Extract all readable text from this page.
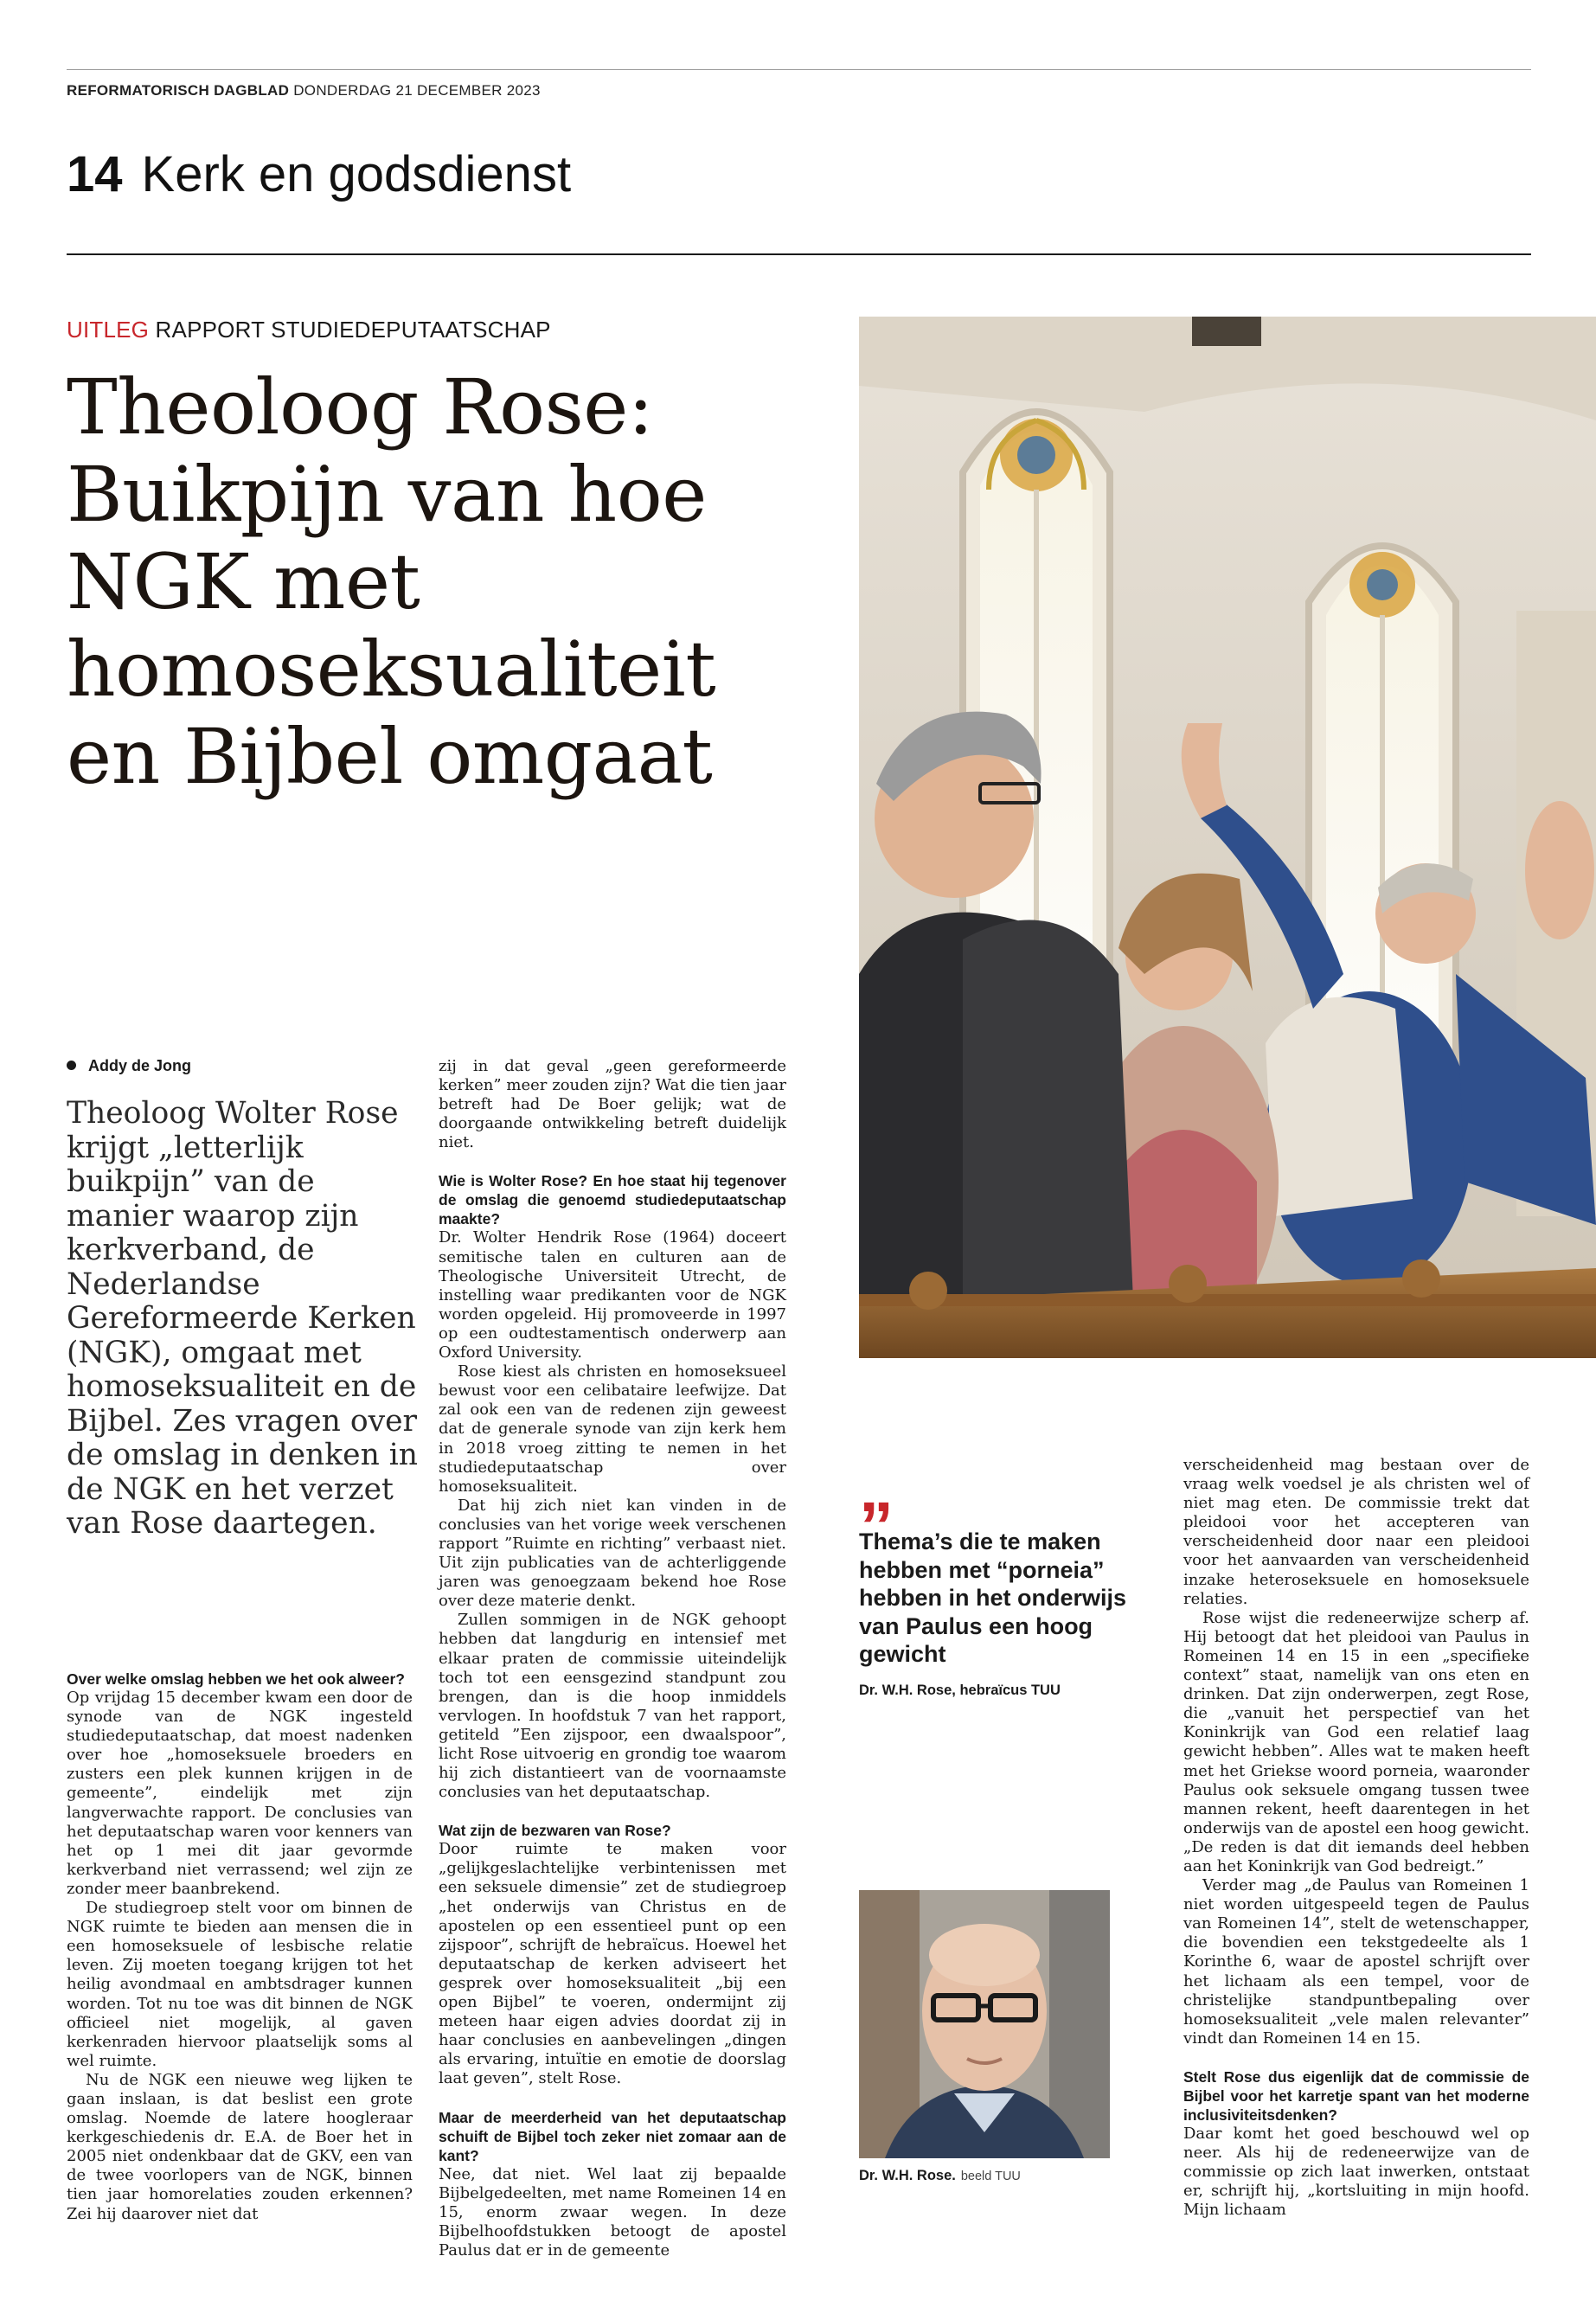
REFORMATORISCH DAGBLAD DONDERDAG 21 DECEMBER 2023
14 Kerk en godsdienst
UITLEG RAPPORT STUDIEDEPUTAATSCHAP
Theoloog Rose: Buikpijn van hoe NGK met homoseksualiteit en Bijbel omgaat
Addy de Jong

Theoloog Wolter Rose krijgt „letterlijk buikpijn” van de manier waarop zijn kerkverband, de Nederlandse Gereformeerde Kerken (NGK), omgaat met homoseksualiteit en de Bijbel. Zes vragen over de omslag in denken in de NGK en het verzet van Rose daartegen.

Over welke omslag hebben we het ook alweer?

Op vrijdag 15 december kwam een door de synode van de NGK ingesteld studiedeputaatschap, dat moest nadenken over hoe „homoseksuele broeders en zusters een plek kunnen krijgen in de gemeente”, eindelijk met zijn langverwachte rapport. De conclusies van het deputaatschap waren voor kenners van het op 1 mei dit jaar gevormde kerkverband niet verrassend; wel zijn ze zonder meer baanbrekend.

De studiegroep stelt voor om binnen de NGK ruimte te bieden aan mensen die in een homoseksuele of lesbische relatie leven. Zij moeten toegang krijgen tot het heilig avondmaal en ambtsdrager kunnen worden. Tot nu toe was dit binnen de NGK officieel niet mogelijk, al gaven kerkenraden hiervoor plaatselijk soms al wel ruimte.

Nu de NGK een nieuwe weg lijken te gaan inslaan, is dat beslist een grote omslag. Noemde de latere hoogleraar kerkgeschiedenis dr. E.A. de Boer het in 2005 niet ondenkbaar dat de GKV, een van de twee voorlopers van de NGK, binnen tien jaar homorelaties zouden erkennen? Zei hij daarover niet dat

zij in dat geval „geen gereformeerde kerken” meer zouden zijn? Wat die tien jaar betreft had De Boer gelijk; wat de doorgaande ontwikkeling betreft duidelijk niet.

Wie is Wolter Rose? En hoe staat hij tegenover de omslag die genoemd studiedeputaatschap maakte?

Dr. Wolter Hendrik Rose (1964) doceert semitische talen en culturen aan de Theologische Universiteit Utrecht, de instelling waar predikanten voor de NGK worden opgeleid. Hij promoveerde in 1997 op een oudtestamentisch onderwerp aan Oxford University.

Rose kiest als christen en homoseksueel bewust voor een celibataire leefwijze. Dat zal ook een van de redenen zijn geweest dat de generale synode van zijn kerk hem in 2018 vroeg zitting te nemen in het studiedeputaatschap over homoseksualiteit.

Dat hij zich niet kan vinden in de conclusies van het vorige week verschenen rapport ”Ruimte en richting” verbaast niet. Uit zijn publicaties van de achterliggende jaren was genoegzaam bekend hoe Rose over deze materie denkt.

Zullen sommigen in de NGK gehoopt hebben dat langdurig en intensief met elkaar praten de commissie uiteindelijk toch tot een eensgezind standpunt zou brengen, dan is die hoop inmiddels vervlogen. In hoofdstuk 7 van het rapport, getiteld ”Een zijspoor, een dwaalspoor”, licht Rose uitvoerig en grondig toe waarom hij zich distantieert van de voornaamste conclusies van het deputaatschap.

Wat zijn de bezwaren van Rose?

Door ruimte te maken voor „gelijkgeslachtelijke verbintenissen met een seksuele dimensie” zet de studiegroep „het onderwijs van Christus en de apostelen op een essentieel punt op een zijspoor”, schrijft de hebraïcus. Hoewel het deputaatschap de kerken adviseert het gesprek over homoseksualiteit „bij een open Bijbel” te voeren, ondermijnt zij meteen haar eigen advies doordat zij in haar conclusies en aanbevelingen „dingen als ervaring, intuïtie en emotie de doorslag laat geven”, stelt Rose.

Maar de meerderheid van het deputaatschap schuift de Bijbel toch zeker niet zomaar aan de kant?

Nee, dat niet. Wel laat zij bepaalde Bijbelgedeelten, met name Romeinen 14 en 15, enorm zwaar wegen. In deze Bijbelhoofdstukken betoogt de apostel Paulus dat er in de gemeente

„
Thema’s die te maken hebben met “porneia” hebben in het onderwijs van Paulus een hoog gewicht
Dr. W.H. Rose, hebraïcus TUU
Dr. W.H. Rose. beeld TUU

verscheidenheid mag bestaan over de vraag welk voedsel je als christen wel of niet mag eten. De commissie trekt dat pleidooi voor het accepteren van verscheidenheid door naar een pleidooi voor het aanvaarden van verscheidenheid inzake heteroseksuele en homoseksuele relaties.

Rose wijst die redeneerwijze scherp af. Hij betoogt dat het pleidooi van Paulus in Romeinen 14 en 15 in een „specifieke context” staat, namelijk van ons eten en drinken. Dat zijn onderwerpen, zegt Rose, die „vanuit het perspectief van het Koninkrijk van God een relatief laag gewicht hebben”. Alles wat te maken heeft met het Griekse woord porneia, waaronder Paulus ook seksuele omgang tussen twee mannen rekent, heeft daarentegen in het onderwijs van de apostel een hoog gewicht. „De reden is dat dit iemands deel hebben aan het Koninkrijk van God bedreigt.”

Verder mag „de Paulus van Romeinen 1 niet worden uitgespeeld tegen de Paulus van Romeinen 14”, stelt de wetenschapper, die bovendien een tekstgedeelte als 1 Korinthe 6, waar de apostel schrijft over het lichaam als een tempel, voor de christelijke standpuntbepaling over homoseksualiteit „vele malen relevanter” vindt dan Romeinen 14 en 15.

Stelt Rose dus eigenlijk dat de commissie de Bijbel voor het karretje spant van het moderne inclusiviteitsdenken?

Daar komt het goed beschouwd wel op neer. Als hij de redeneerwijze van de commissie op zich laat inwerken, ontstaat er, schrijft hij, „kortsluiting in mijn hoofd. Mijn lichaam
